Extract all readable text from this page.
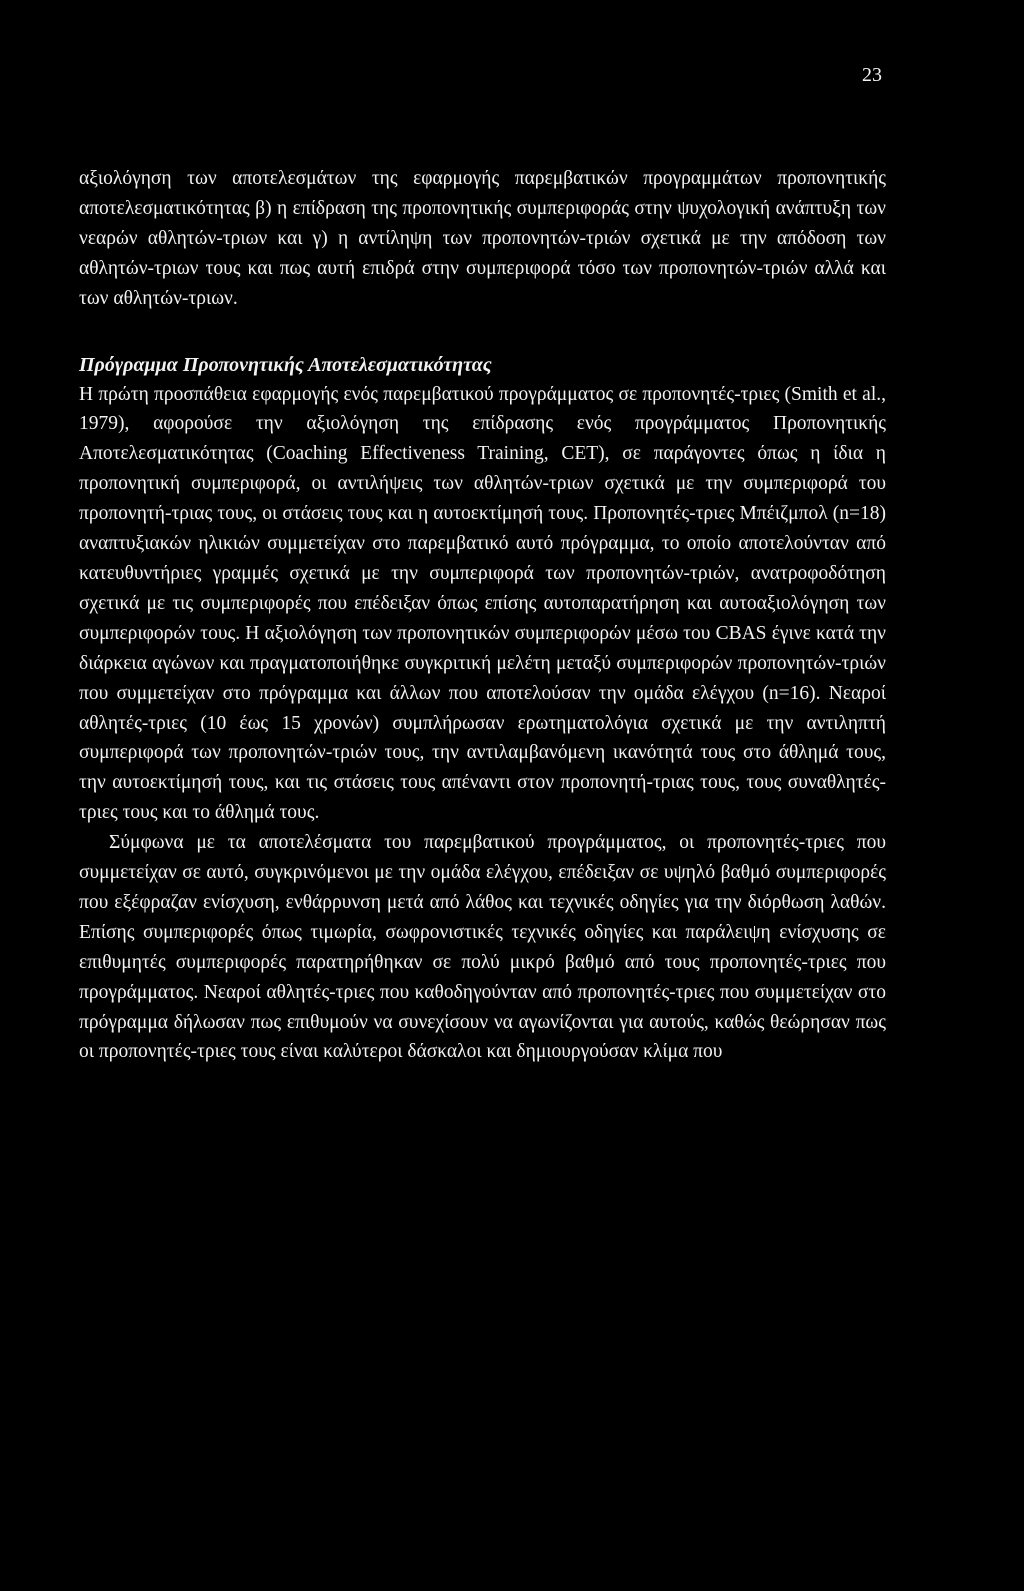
23

αξιολόγηση των αποτελεσμάτων της εφαρμογής παρεμβατικών προγραμμάτων προπονητικής αποτελεσματικότητας β) η επίδραση της προπονητικής συμπεριφοράς στην ψυχολογική ανάπτυξη των νεαρών αθλητών-τριων και γ) η αντίληψη των προπονητών-τριών σχετικά με την απόδοση των αθλητών-τριων τους και πως αυτή επιδρά στην συμπεριφορά τόσο των προπονητών-τριών αλλά και των αθλητών-τριων.

Πρόγραμμα Προπονητικής Αποτελεσματικότητας

Η πρώτη προσπάθεια εφαρμογής ενός παρεμβατικού προγράμματος σε προπονητές-τριες (Smith et al., 1979), αφορούσε την αξιολόγηση της επίδρασης ενός προγράμματος Προπονητικής Αποτελεσματικότητας (Coaching Effectiveness Training, CET), σε παράγοντες όπως η ίδια η προπονητική συμπεριφορά, οι αντιλήψεις των αθλητών-τριων σχετικά με την συμπεριφορά του προπονητή-τριας τους, οι στάσεις τους και η αυτοεκτίμησή τους. Προπονητές-τριες Μπέιζμπολ (n=18) αναπτυξιακών ηλικιών συμμετείχαν στο παρεμβατικό αυτό πρόγραμμα, το οποίο αποτελούνταν από κατευθυντήριες γραμμές σχετικά με την συμπεριφορά των προπονητών-τριών, ανατροφοδότηση σχετικά με τις συμπεριφορές που επέδειξαν όπως επίσης αυτοπαρατήρηση και αυτοαξιολόγηση των συμπεριφορών τους. Η αξιολόγηση των προπονητικών συμπεριφορών μέσω του CBAS έγινε κατά την διάρκεια αγώνων και πραγματοποιήθηκε συγκριτική μελέτη μεταξύ συμπεριφορών προπονητών-τριών που συμμετείχαν στο πρόγραμμα και άλλων που αποτελούσαν την ομάδα ελέγχου (n=16). Νεαροί αθλητές-τριες (10 έως 15 χρονών) συμπλήρωσαν ερωτηματολόγια σχετικά με την αντιληπτή συμπεριφορά των προπονητών-τριών τους, την αντιλαμβανόμενη ικανότητά τους στο άθλημά τους, την αυτοεκτίμησή τους, και τις στάσεις τους απέναντι στον προπονητή-τριας τους, τους συναθλητές-τριες τους και το άθλημά τους.

Σύμφωνα με τα αποτελέσματα του παρεμβατικού προγράμματος, οι προπονητές-τριες που συμμετείχαν σε αυτό, συγκρινόμενοι με την ομάδα ελέγχου, επέδειξαν σε υψηλό βαθμό συμπεριφορές που εξέφραζαν ενίσχυση, ενθάρρυνση μετά από λάθος και τεχνικές οδηγίες για την διόρθωση λαθών. Επίσης συμπεριφορές όπως τιμωρία, σωφρονιστικές τεχνικές οδηγίες και παράλειψη ενίσχυσης σε επιθυμητές συμπεριφορές παρατηρήθηκαν σε πολύ μικρό βαθμό από τους προπονητές-τριες που προγράμματος. Νεαροί αθλητές-τριες που καθοδηγούνταν από προπονητές-τριες που συμμετείχαν στο πρόγραμμα δήλωσαν πως επιθυμούν να συνεχίσουν να αγωνίζονται για αυτούς, καθώς θεώρησαν πως οι προπονητές-τριες τους είναι καλύτεροι δάσκαλοι και δημιουργούσαν κλίμα που
